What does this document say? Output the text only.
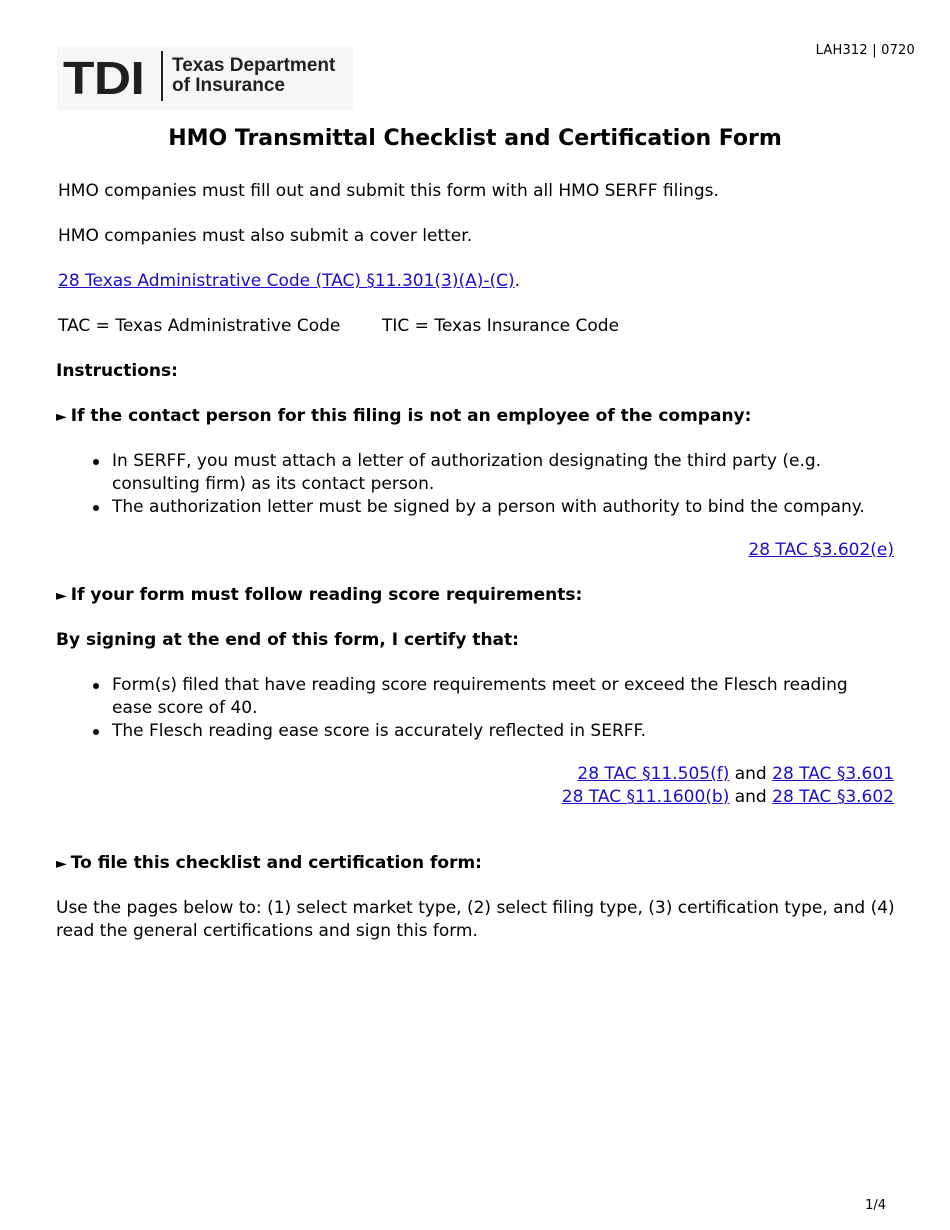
LAH312 | 0720
TDI Texas Department
of Insurance
HMO Transmittal Checklist and Certification Form

HMO companies must fill out and submit this form with all HMO SERFF filings.

HMO companies must also submit a cover letter.

28 Texas Administrative Code (TAC) §11.301(3)(A)-(C).

TAC = Texas Administrative Code TIC = Texas Insurance Code

Instructions:

► If the contact person for this filing is not an employee of the company:

In SERFF, you must attach a letter of authorization designating the third party (e.g. consulting firm) as its contact person.
The authorization letter must be signed by a person with authority to bind the company.
28 TAC §3.602(e)

► If your form must follow reading score requirements:

By signing at the end of this form, I certify that:

Form(s) filed that have reading score requirements meet or exceed the Flesch reading ease score of 40.
The Flesch reading ease score is accurately reflected in SERFF.
28 TAC §11.505(f) and 28 TAC §3.601
28 TAC §11.1600(b) and 28 TAC §3.602

► To file this checklist and certification form:

Use the pages below to: (1) select market type, (2) select filing type, (3) certification type, and (4) read the general certifications and sign this form.

1/4
